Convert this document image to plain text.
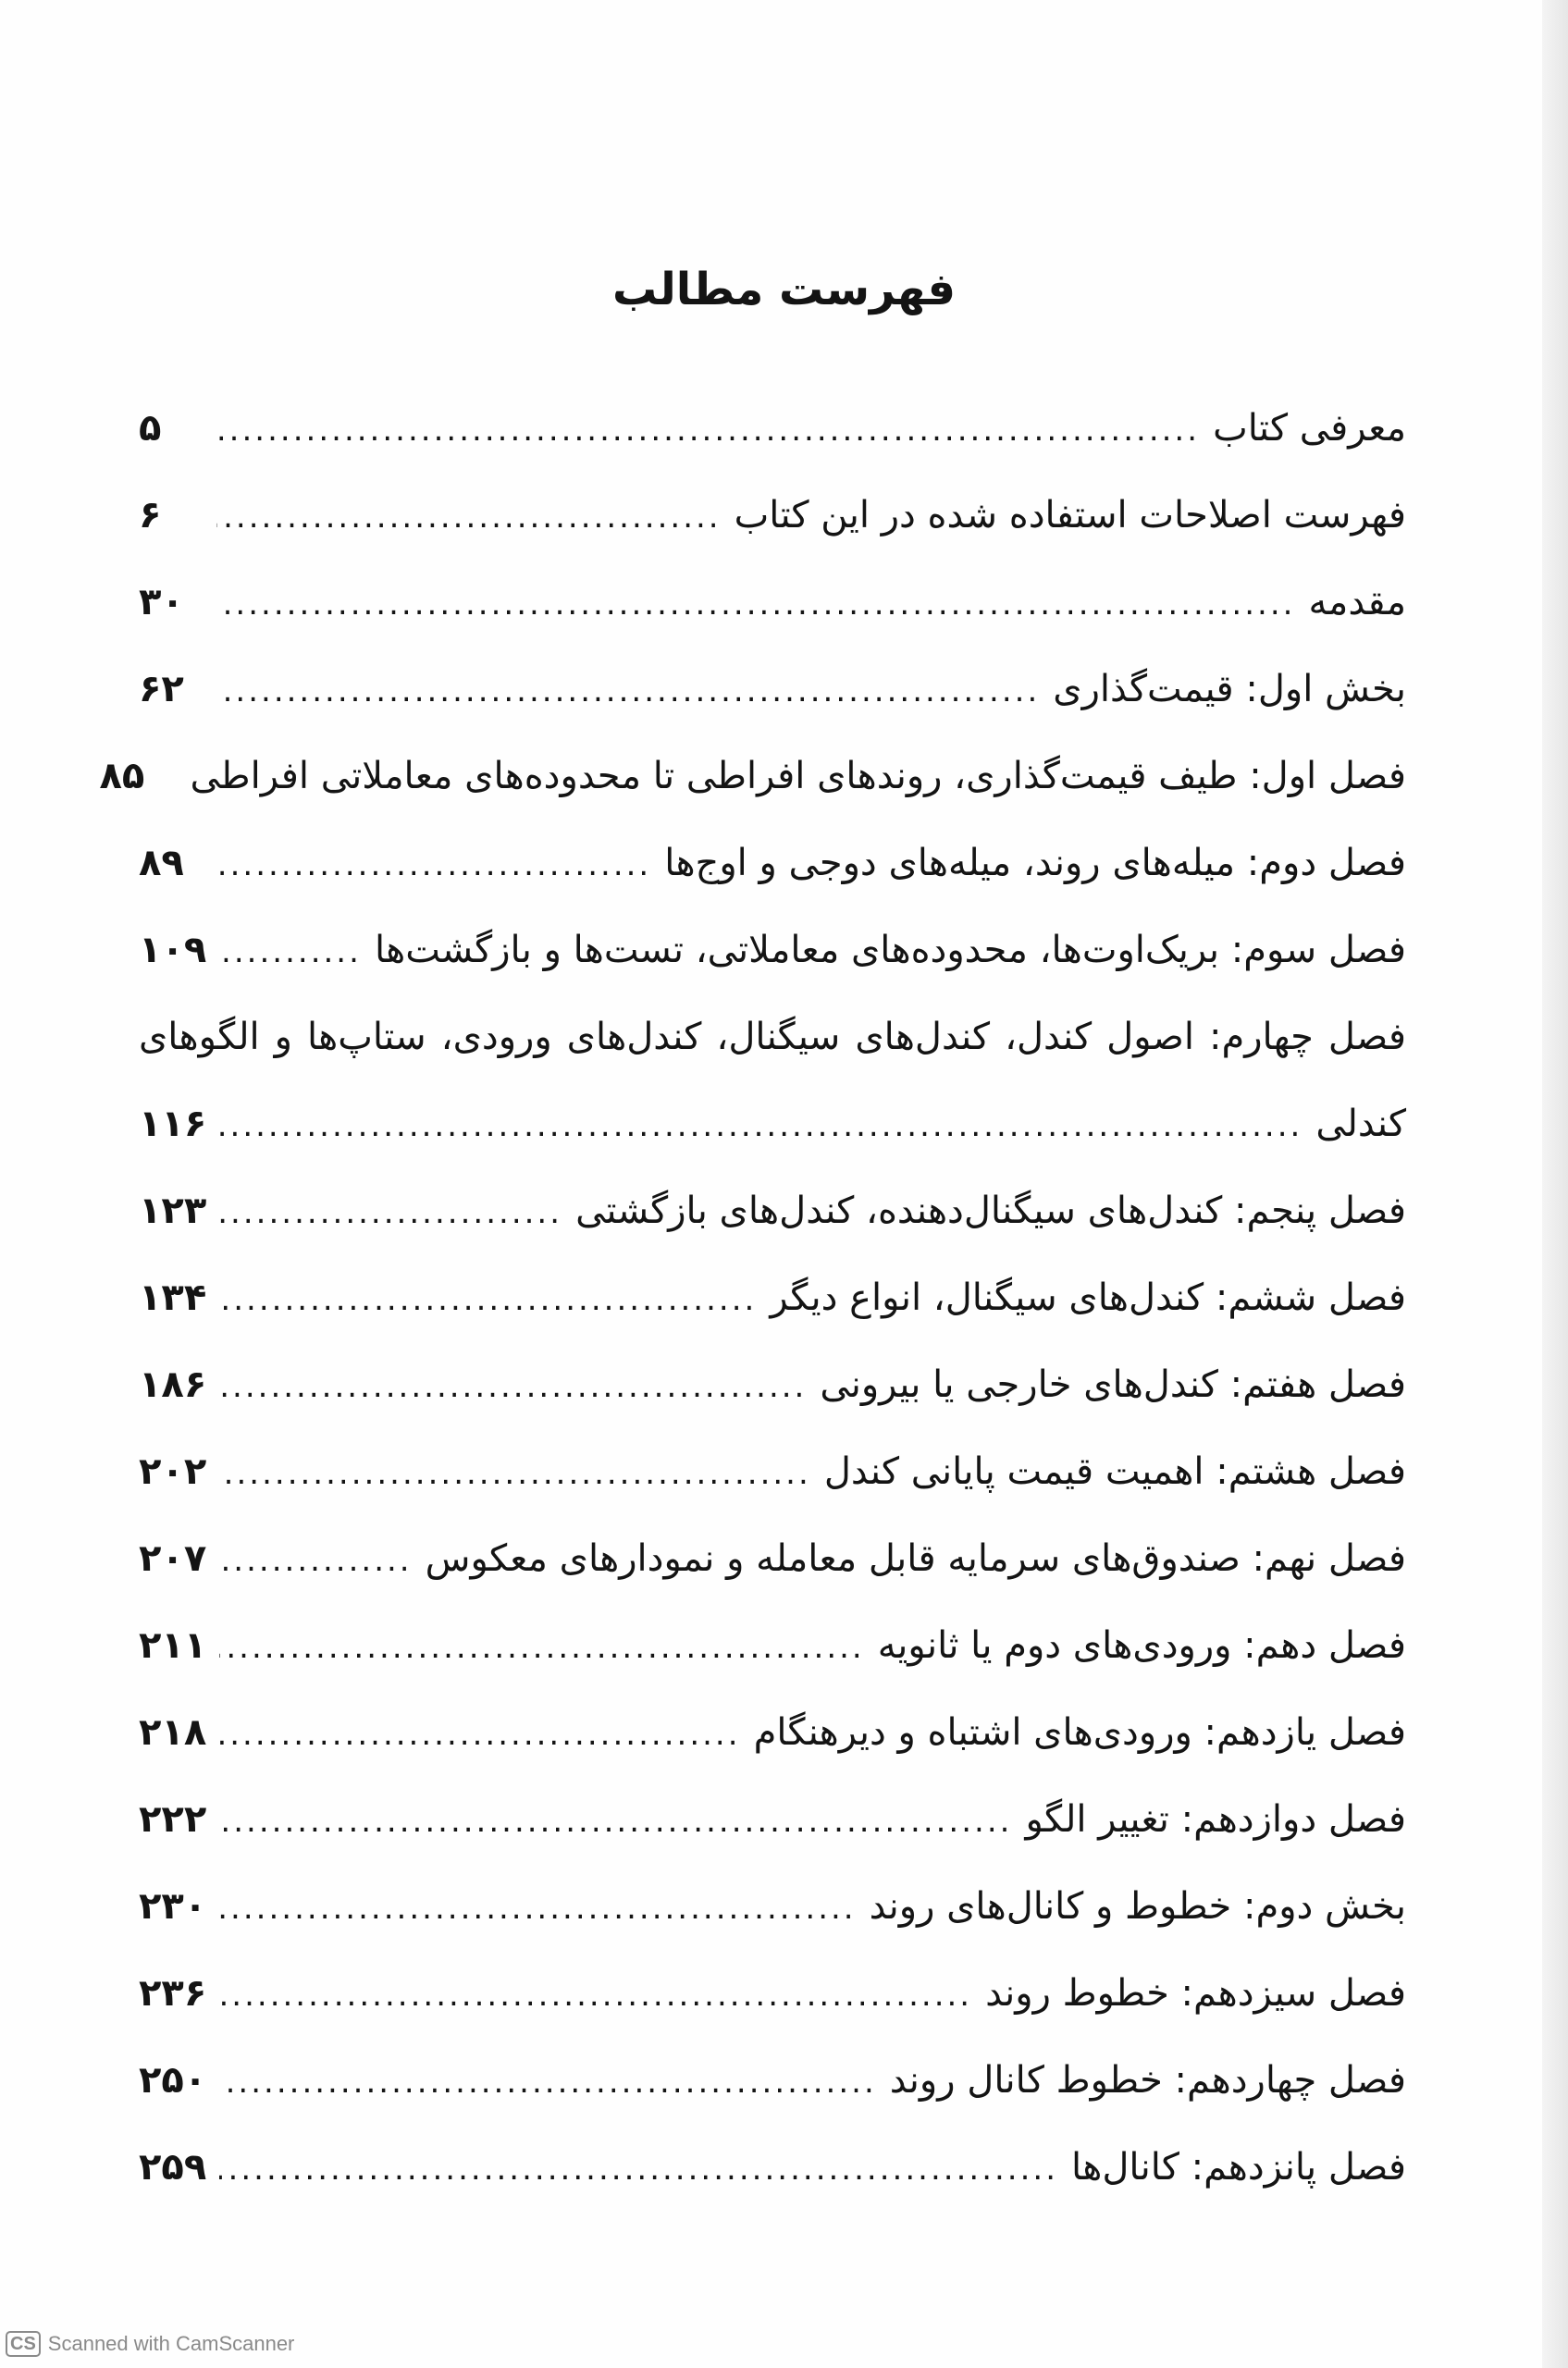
فهرست مطالب
معرفی کتاب
.....
۵
فهرست اصلاحات استفاده شده در این کتاب
.....
۶
مقدمه
.....
۳۰
بخش اول: قیمت‌گذاری
.....
۶۲
فصل اول: طیف قیمت‌گذاری، روندهای افراطی تا محدوده‌های معاملاتی افراطی
۸۵
فصل دوم: میله‌های روند، میله‌های دوجی و اوج‌ها
.....
۸۹
فصل سوم: بریک‌اوت‌ها، محدوده‌های معاملاتی، تست‌ها و بازگشت‌ها
.....
۱۰۹
فصل چهارم: اصول کندل، کندل‌های سیگنال، کندل‌های ورودی، ستاپ‌ها و الگوهای
کندلی
.....
۱۱۶
فصل پنجم: کندل‌های سیگنال‌دهنده، کندل‌های بازگشتی
.....
۱۲۳
فصل ششم: کندل‌های سیگنال، انواع دیگر
.....
۱۳۴
فصل هفتم: کندل‌های خارجی یا بیرونی
.....
۱۸۶
فصل هشتم: اهمیت قیمت پایانی کندل
.....
۲۰۲
فصل نهم: صندوق‌های سرمایه قابل معامله و نمودارهای معکوس
.....
۲۰۷
فصل دهم: ورودی‌های دوم یا ثانویه
.....
۲۱۱
فصل یازدهم: ورودی‌های اشتباه و دیرهنگام
.....
۲۱۸
فصل دوازدهم: تغییر الگو
.....
۲۲۲
بخش دوم: خطوط و کانال‌های روند
.....
۲۳۰
فصل سیزدهم: خطوط روند
.....
۲۳۶
فصل چهاردهم: خطوط کانال روند
.....
۲۵۰
فصل پانزدهم: کانال‌ها
.....
۲۵۹
CS Scanned with CamScanner
